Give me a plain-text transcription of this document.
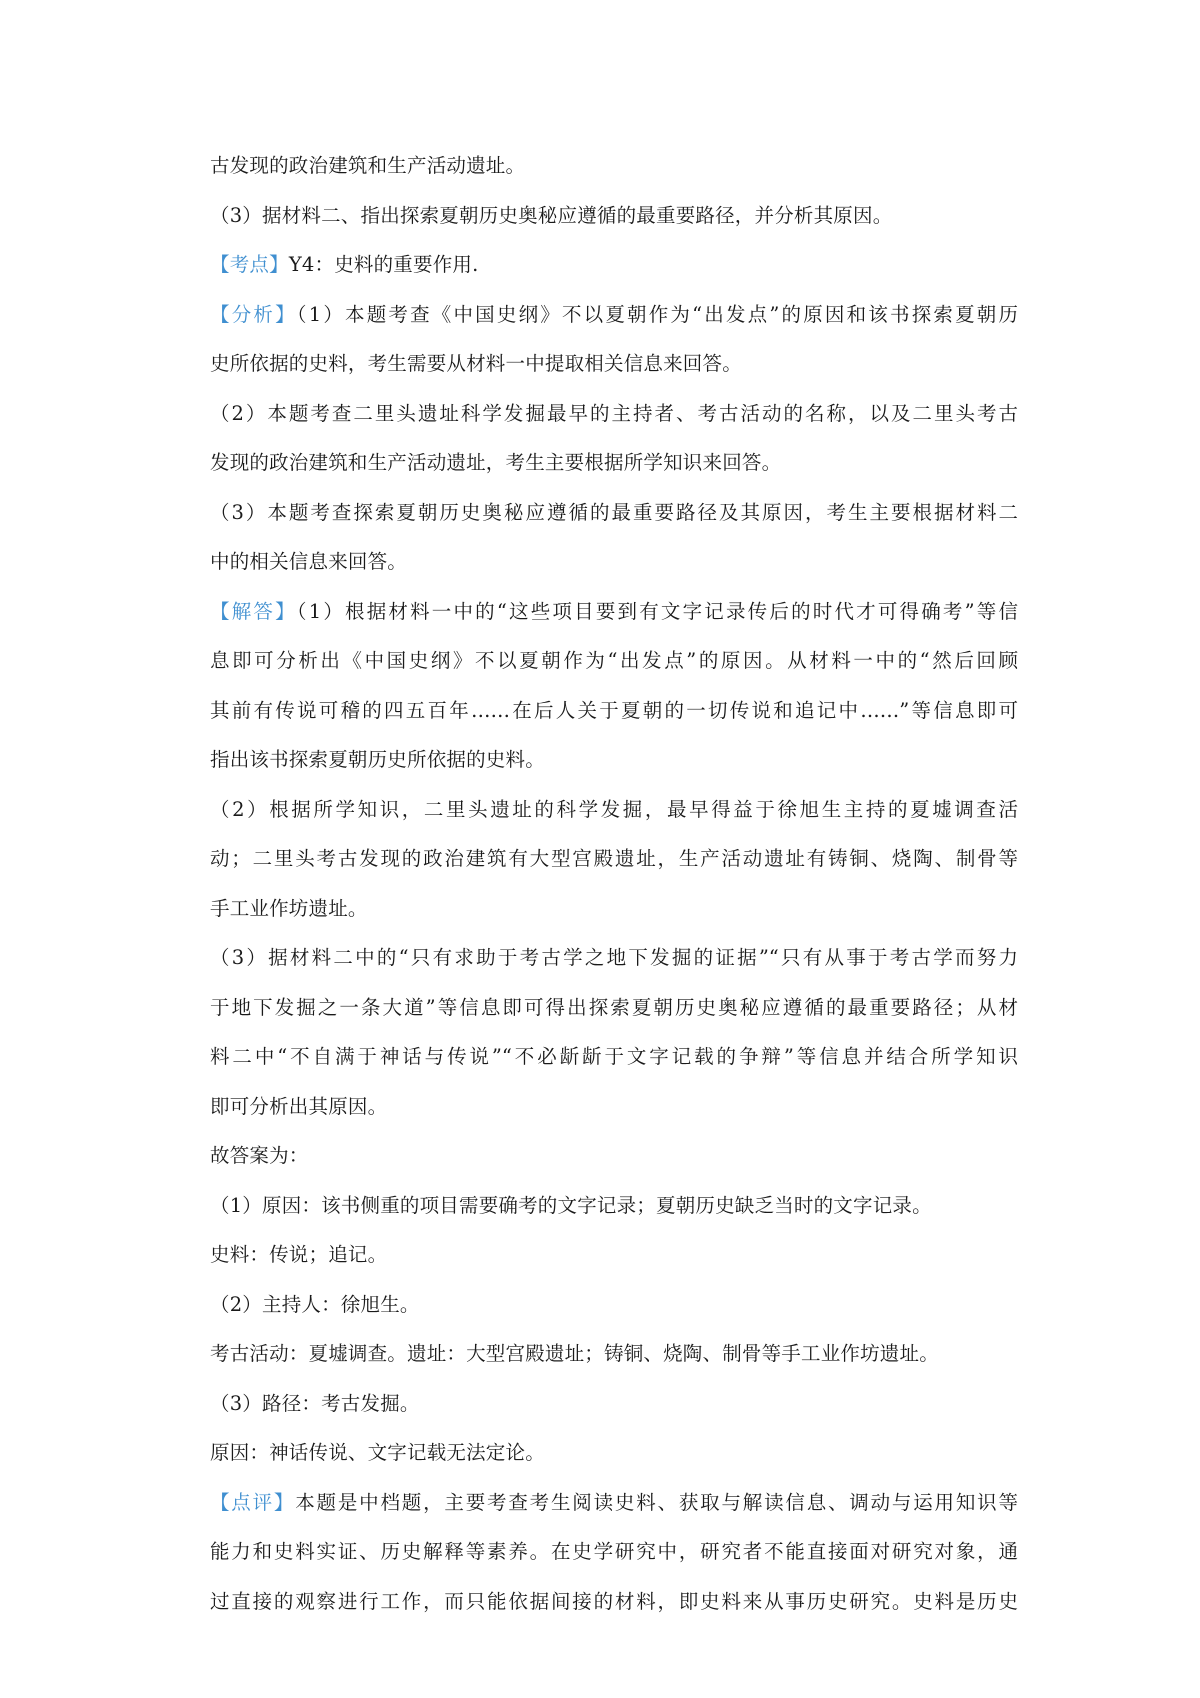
古发现的政治建筑和生产活动遗址。
（3）据材料二、指出探索夏朝历史奥秘应遵循的最重要路径，并分析其原因。
【考点】Y4：史料的重要作用.
【分析】（1）本题考查《中国史纲》不以夏朝作为“出发点”的原因和该书探索夏朝历
史所依据的史料，考生需要从材料一中提取相关信息来回答。
（2）本题考查二里头遗址科学发掘最早的主持者、考古活动的名称，以及二里头考古
发现的政治建筑和生产活动遗址，考生主要根据所学知识来回答。
（3）本题考查探索夏朝历史奥秘应遵循的最重要路径及其原因，考生主要根据材料二
中的相关信息来回答。
【解答】（1）根据材料一中的“这些项目要到有文字记录传后的时代才可得确考”等信
息即可分析出《中国史纲》不以夏朝作为“出发点”的原因。从材料一中的“然后回顾
其前有传说可稽的四五百年……在后人关于夏朝的一切传说和追记中……”等信息即可
指出该书探索夏朝历史所依据的史料。
（2）根据所学知识，二里头遗址的科学发掘，最早得益于徐旭生主持的夏墟调查活
动；二里头考古发现的政治建筑有大型宫殿遗址，生产活动遗址有铸铜、烧陶、制骨等
手工业作坊遗址。
（3）据材料二中的“只有求助于考古学之地下发掘的证据”“只有从事于考古学而努力
于地下发掘之一条大道”等信息即可得出探索夏朝历史奥秘应遵循的最重要路径；从材
料二中“不自满于神话与传说”“不必龂龂于文字记载的争辩”等信息并结合所学知识
即可分析出其原因。
故答案为：
（1）原因：该书侧重的项目需要确考的文字记录；夏朝历史缺乏当时的文字记录。
史料：传说；追记。
（2）主持人：徐旭生。
考古活动：夏墟调查。遗址：大型宫殿遗址；铸铜、烧陶、制骨等手工业作坊遗址。
（3）路径：考古发掘。
原因：神话传说、文字记载无法定论。
【点评】本题是中档题，主要考查考生阅读史料、获取与解读信息、调动与运用知识等
能力和史料实证、历史解释等素养。在史学研究中，研究者不能直接面对研究对象，通
过直接的观察进行工作，而只能依据间接的材料，即史料来从事历史研究。史料是历史
